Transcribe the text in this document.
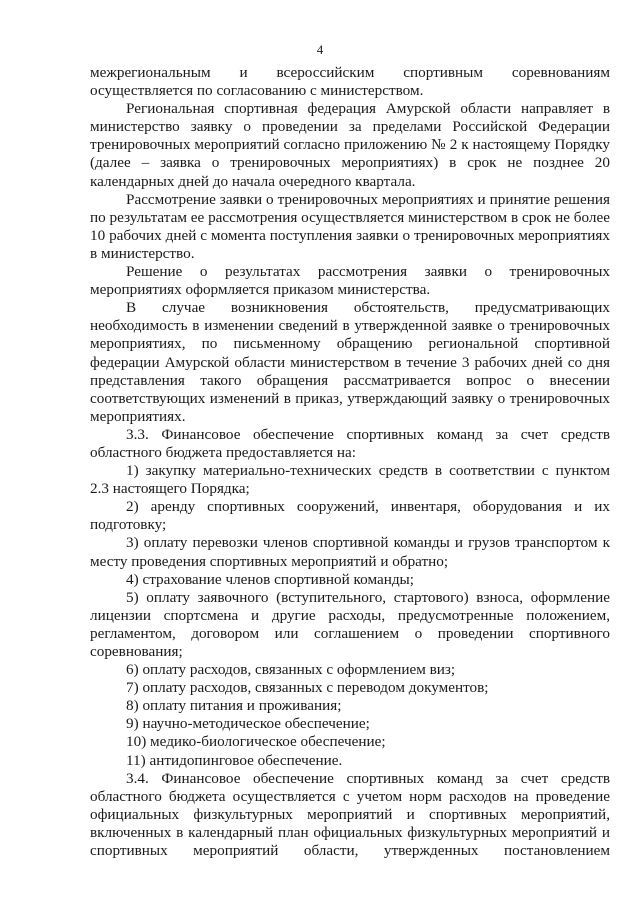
4

межрегиональным и всероссийским спортивным соревнованиям осуществляется по согласованию с министерством.

Региональная спортивная федерация Амурской области направляет в министерство заявку о проведении за пределами Российской Федерации тренировочных мероприятий согласно приложению № 2 к настоящему Порядку (далее – заявка о тренировочных мероприятиях) в срок не позднее 20 календарных дней до начала очередного квартала.

Рассмотрение заявки о тренировочных мероприятиях и принятие решения по результатам ее рассмотрения осуществляется министерством в срок не более 10 рабочих дней с момента поступления заявки о тренировочных мероприятиях в министерство.

Решение о результатах рассмотрения заявки о тренировочных мероприятиях оформляется приказом министерства.

В случае возникновения обстоятельств, предусматривающих необходимость в изменении сведений в утвержденной заявке о тренировочных мероприятиях, по письменному обращению региональной спортивной федерации Амурской области министерством в течение 3 рабочих дней со дня представления такого обращения рассматривается вопрос о внесении соответствующих изменений в приказ, утверждающий заявку о тренировочных мероприятиях.

3.3. Финансовое обеспечение спортивных команд за счет средств областного бюджета предоставляется на:

1) закупку материально-технических средств в соответствии с пунктом 2.3 настоящего Порядка;

2) аренду спортивных сооружений, инвентаря, оборудования и их подготовку;

3) оплату перевозки членов спортивной команды и грузов транспортом к месту проведения спортивных мероприятий и обратно;

4) страхование членов спортивной команды;

5) оплату заявочного (вступительного, стартового) взноса, оформление лицензии спортсмена и другие расходы, предусмотренные положением, регламентом, договором или соглашением о проведении спортивного соревнования;

6) оплату расходов, связанных с оформлением виз;

7) оплату расходов, связанных с переводом документов;

8) оплату питания и проживания;

9) научно-методическое обеспечение;

10) медико-биологическое обеспечение;

11) антидопинговое обеспечение.

3.4. Финансовое обеспечение спортивных команд за счет средств областного бюджета осуществляется с учетом норм расходов на проведение официальных физкультурных мероприятий и спортивных мероприятий, включенных в календарный план официальных физкультурных мероприятий и спортивных мероприятий области, утвержденных постановлением
